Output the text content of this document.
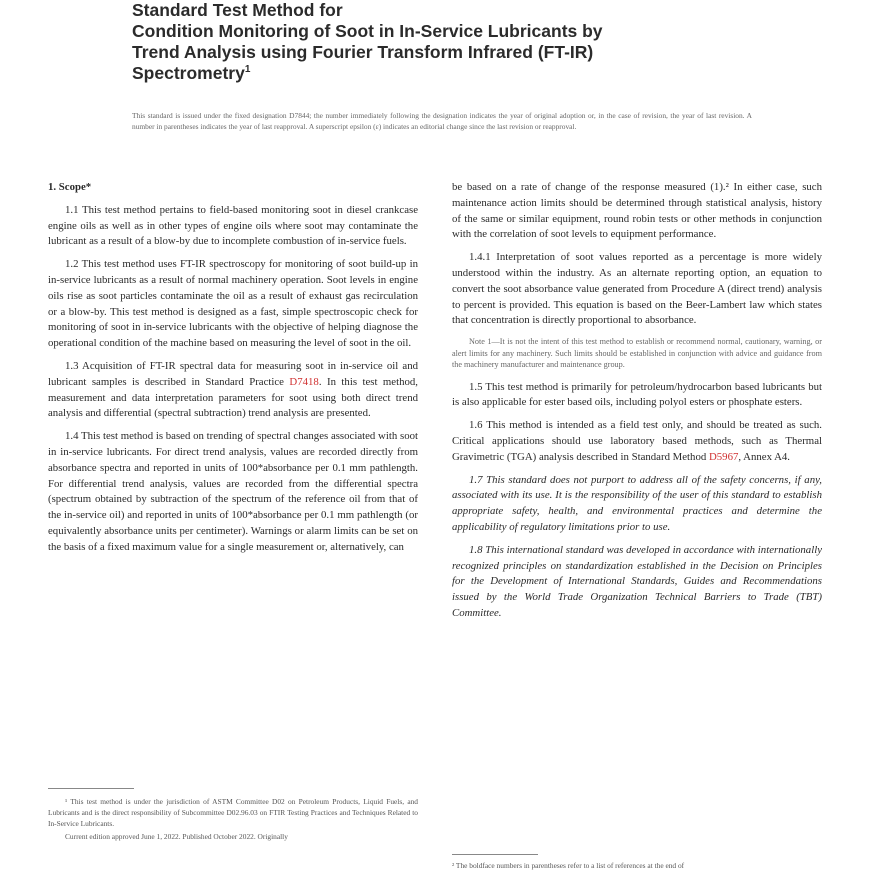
Standard Test Method for
Condition Monitoring of Soot in In-Service Lubricants by
Trend Analysis using Fourier Transform Infrared (FT-IR)
Spectrometry$^1$
This standard is issued under the fixed designation D7844; the number immediately following the designation indicates the year of original adoption or, in the case of revision, the year of last revision. A number in parentheses indicates the year of last reapproval. A superscript epsilon (ε) indicates an editorial change since the last revision or reapproval.

1. Scope*

1.1 This test method pertains to field-based monitoring soot in diesel crankcase engine oils as well as in other types of engine oils where soot may contaminate the lubricant as a result of a blow-by due to incomplete combustion of in-service fuels.

1.2 This test method uses FT-IR spectroscopy for monitoring of soot build-up in in-service lubricants as a result of normal machinery operation. Soot levels in engine oils rise as soot particles contaminate the oil as a result of exhaust gas recirculation or a blow-by. This test method is designed as a fast, simple spectroscopic check for monitoring of soot in in-service lubricants with the objective of helping diagnose the operational condition of the machine based on measuring the level of soot in the oil.

1.3 Acquisition of FT-IR spectral data for measuring soot in in-service oil and lubricant samples is described in Standard Practice D7418. In this test method, measurement and data interpretation parameters for soot using both direct trend analysis and differential (spectral subtraction) trend analysis are presented.

1.4 This test method is based on trending of spectral changes associated with soot in in-service lubricants. For direct trend analysis, values are recorded directly from absorbance spectra and reported in units of 100*absorbance per 0.1 mm pathlength. For differential trend analysis, values are recorded from the differential spectra (spectrum obtained by subtraction of the spectrum of the reference oil from that of the in-service oil) and reported in units of 100*absorbance per 0.1 mm pathlength (or equivalently absorbance units per centimeter). Warnings or alarm limits can be set on the basis of a fixed maximum value for a single measurement or, alternatively, can

¹ This test method is under the jurisdiction of ASTM Committee D02 on Petroleum Products, Liquid Fuels, and Lubricants and is the direct responsibility of Subcommittee D02.96.03 on FTIR Testing Practices and Techniques Related to In-Service Lubricants.

Current edition approved June 1, 2022. Published October 2022. Originally

be based on a rate of change of the response measured (1).² In either case, such maintenance action limits should be determined through statistical analysis, history of the same or similar equipment, round robin tests or other methods in conjunction with the correlation of soot levels to equipment performance.

1.4.1 Interpretation of soot values reported as a percentage is more widely understood within the industry. As an alternate reporting option, an equation to convert the soot absorbance value generated from Procedure A (direct trend) analysis to percent is provided. This equation is based on the Beer-Lambert law which states that concentration is directly proportional to absorbance.

Note 1—It is not the intent of this test method to establish or recommend normal, cautionary, warning, or alert limits for any machinery. Such limits should be established in conjunction with advice and guidance from the machinery manufacturer and maintenance group.

1.5 This test method is primarily for petroleum/hydrocarbon based lubricants but is also applicable for ester based oils, including polyol esters or phosphate esters.

1.6 This method is intended as a field test only, and should be treated as such. Critical applications should use laboratory based methods, such as Thermal Gravimetric (TGA) analysis described in Standard Method D5967, Annex A4.

1.7 This standard does not purport to address all of the safety concerns, if any, associated with its use. It is the responsibility of the user of this standard to establish appropriate safety, health, and environmental practices and determine the applicability of regulatory limitations prior to use.

1.8 This international standard was developed in accordance with internationally recognized principles on standardization established in the Decision on Principles for the Development of International Standards, Guides and Recommendations issued by the World Trade Organization Technical Barriers to Trade (TBT) Committee.

² The boldface numbers in parentheses refer to a list of references at the end of
